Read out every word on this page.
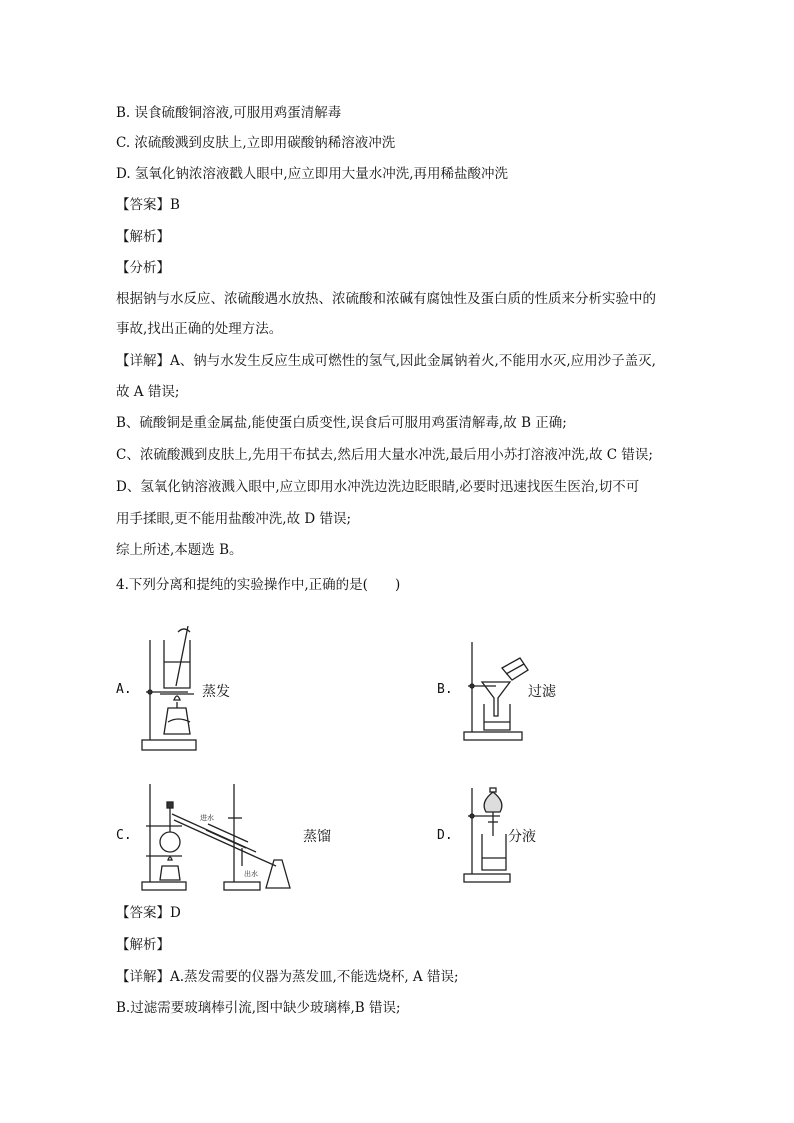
B. 误食硫酸铜溶液,可服用鸡蛋清解毒
C. 浓硫酸溅到皮肤上,立即用碳酸钠稀溶液冲洗
D. 氢氧化钠浓溶液戳人眼中,应立即用大量水冲洗,再用稀盐酸冲洗
【答案】B
【解析】
【分析】
根据钠与水反应、浓硫酸遇水放热、浓硫酸和浓碱有腐蚀性及蛋白质的性质来分析实验中的
事故,找出正确的处理方法。
【详解】A、钠与水发生反应生成可燃性的氢气,因此金属钠着火,不能用水灭,应用沙子盖灭,
故 A 错误;
B、硫酸铜是重金属盐,能使蛋白质变性,误食后可服用鸡蛋清解毒,故 B 正确;
C、浓硫酸溅到皮肤上,先用干布拭去,然后用大量水冲洗,最后用小苏打溶液冲洗,故 C 错误;
D、氢氧化钠溶液溅入眼中,应立即用水冲洗边洗边眨眼睛,必要时迅速找医生医治,切不可
用手揉眼,更不能用盐酸冲洗,故 D 错误;
综上所述,本题选 B。
4.下列分离和提纯的实验操作中,正确的是(　　)
A.	蒸发	B.	过滤
C.
进水
出水
蒸馏	D.	分液
【答案】D
【解析】
【详解】A.蒸发需要的仪器为蒸发皿,不能选烧杯, A 错误;
B.过滤需要玻璃棒引流,图中缺少玻璃棒,B 错误;
